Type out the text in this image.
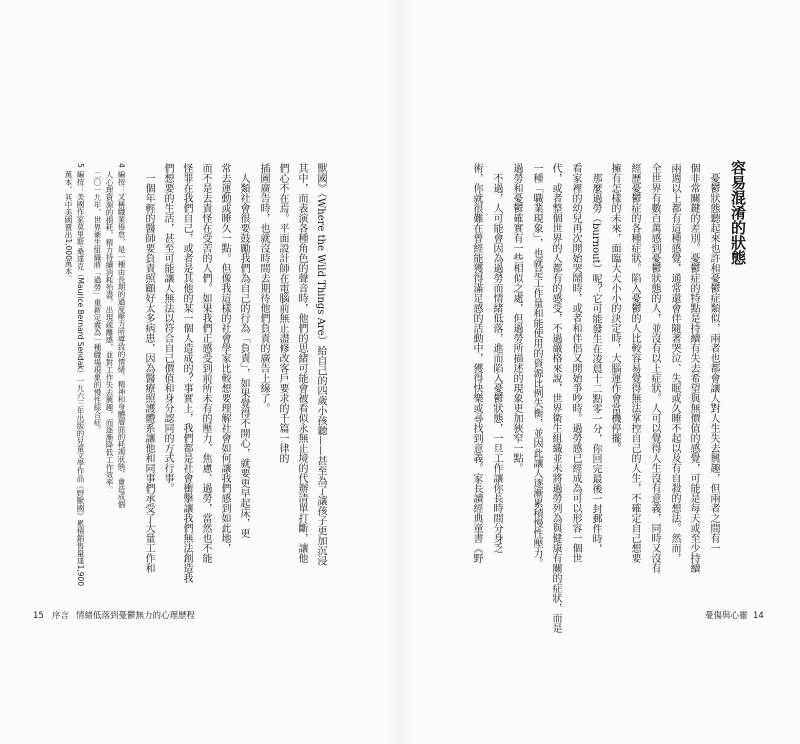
獸國》（Where the Wild Things Are）給自己的四歲小孩聽——甚至為了讓孩子更加沉浸
其中，而表演各種角色的聲音時，他們的思緒可能會被看似永無止境的代辦清單打斷，讓他
們心不在焉。平面設計師在電腦前無止盡修改客戶要求的千篇一律的
插圖廣告時，也就沒時間去期待他們負責的廣告上線了。
人類社會很要鼓勵我們為自己的行為「負責」，如果覺得不開心，就要更早起床，更
常去運動或睡久一點。但像我這樣的社會學家比較想要理解社會如何讓我們感到如此地，
而不是去責怪在受苦的人們。如果我們正感受到前所未有的壓力、焦慮、過勞，當然也不能
怪罪在我們自己，或者是其他的某一個人造成的？事實上，我們都是社會衝擊讓我們無法創造我
們想要的生活，甚至可能讓人無法以符合自己價值和身分認同的方式行事。
一個年輕的醫師要負責照顧好太多病患，因為醫療照護體系讓他和同事們承受了大量工作和
4 編按：又稱職業倦怠，是一種由長期的過度壓力所導致的情緒、精神和身體層面的耗竭狀態，會造成個
人心理資源的損耗，精力持續消耗殆盡，出現疏離感，並對工作失去興趣，而逐漸降低工作效率。
二〇一九年，世界衛生組織將「過勞」重新定義為一種職場現象的慢性綜合症。
5 編按：美國作家莫里斯‧桑達克（Maurice Bernard Sendak）一九六三年出版的兒童文學作品《野獸國》累積銷售量達1,900
萬本，其中美國賣出1,000萬本。
15 序言 情緒低落到憂鬱無力的心理歷程
容易混淆的狀態
憂鬱狀態聽起來也許和憂鬱症類似，兩者也都會讓人對人生失去興趣，但兩者之間有一
個非常關鍵的差別。憂鬱症的特點是持續有失去希望與無價值的感覺，可能是每天或至少持續
兩週以上都有這種感覺，通常還會伴隨著哭泣、失眠或久睡不起以及有自殺的想法。然而，
全世界有數百萬感到憂鬱狀態的人，並沒有以上症狀。人可以覺得人生沒有意義，同時又沒有
經歷憂鬱症的各種症狀。陷入憂鬱的人比較容易覺得無法掌控自己的人生，不確定自己想要
擁有怎樣的未來，面臨大大小小的決定時，大腦運作會當機停擺。
那麼過勞（burnout）呢？它可能發生在凌晨十二點零一分，你回完最後一封郵件時，
看家裡的幼兒再次開始哭鬧時，或者和伴侶又開始爭吵時。過勞感已經成為可以形容一個世
代，或者整個世界的人都有的感受，不過嚴格來說，世界衛生組織並未將過勞列為與健康有關的症狀，而是
一種「職業現象」，也就是工作量和能使用的資源比例失衡，並因此讓人逐漸累積慢性壓力。
過勞和憂鬱確實有一些相似之處，但過勞所描述的現象更加狹窄一點。
不過，人可能會因為過勞而情緒低落，進而陷入憂鬱狀態，一旦工作讓你長時間分身乏
術，你就很難在曾經能獲得滿足感的活動中，獲得快樂或尋找到意義。家長讀經典童書《野
憂傷與心靈 14
